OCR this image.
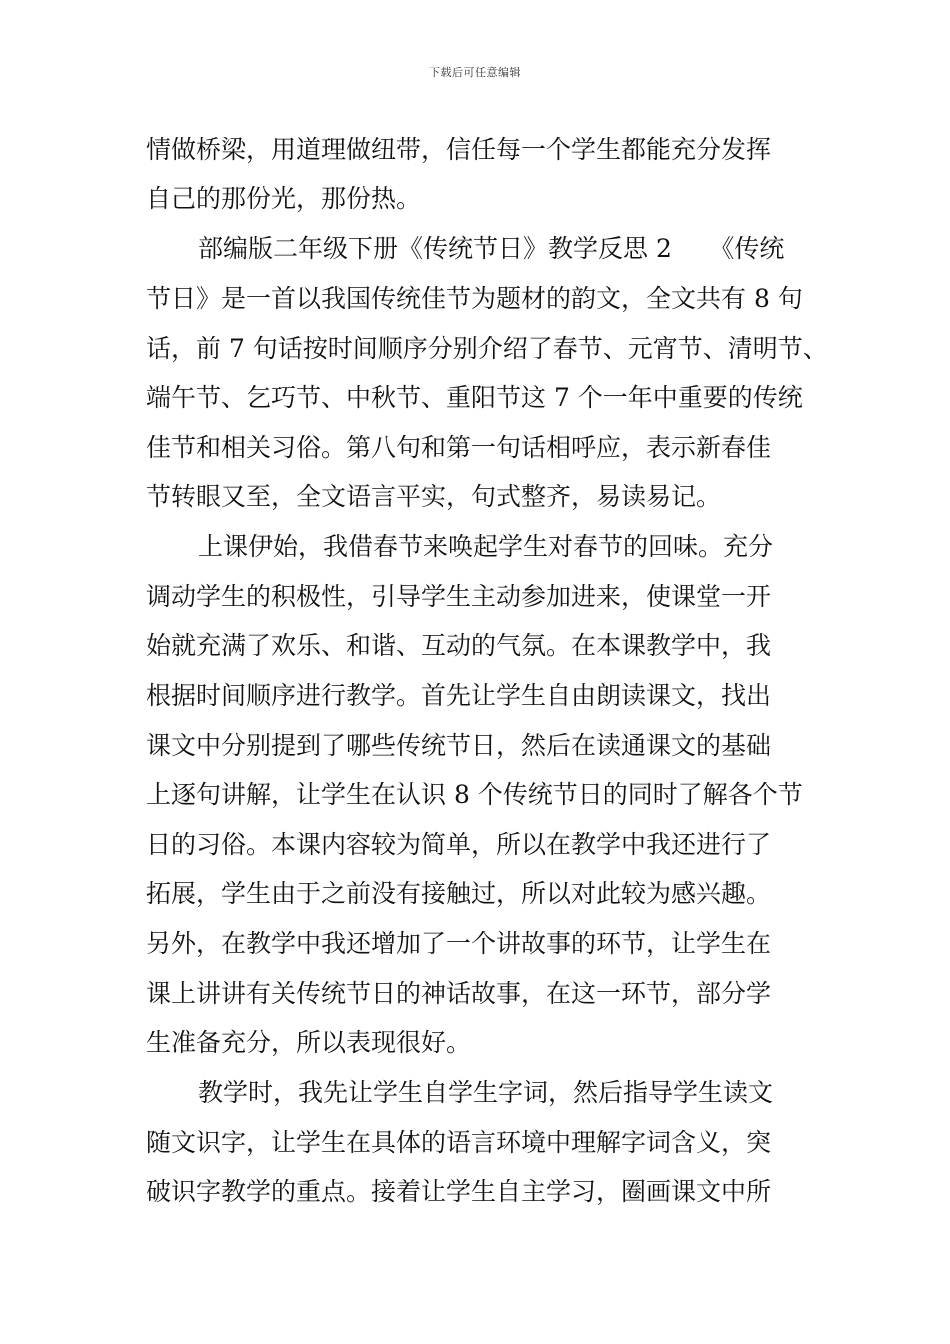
下载后可任意编辑
情做桥梁，用道理做纽带，信任每一个学生都能充分发挥
自己的那份光，那份热。
部编版二年级下册《传统节日》教学反思 2　　《传统
节日》是一首以我国传统佳节为题材的韵文，全文共有 8 句
话，前 7 句话按时间顺序分别介绍了春节、元宵节、清明节、
端午节、乞巧节、中秋节、重阳节这 7 个一年中重要的传统
佳节和相关习俗。第八句和第一句话相呼应，表示新春佳
节转眼又至，全文语言平实，句式整齐，易读易记。
上课伊始，我借春节来唤起学生对春节的回味。充分
调动学生的积极性，引导学生主动参加进来，使课堂一开
始就充满了欢乐、和谐、互动的气氛。在本课教学中，我
根据时间顺序进行教学。首先让学生自由朗读课文，找出
课文中分别提到了哪些传统节日，然后在读通课文的基础
上逐句讲解，让学生在认识 8 个传统节日的同时了解各个节
日的习俗。本课内容较为简单，所以在教学中我还进行了
拓展，学生由于之前没有接触过，所以对此较为感兴趣。
另外，在教学中我还增加了一个讲故事的环节，让学生在
课上讲讲有关传统节日的神话故事，在这一环节，部分学
生准备充分，所以表现很好。
教学时，我先让学生自学生字词，然后指导学生读文
随文识字，让学生在具体的语言环境中理解字词含义，突
破识字教学的重点。接着让学生自主学习，圈画课文中所
